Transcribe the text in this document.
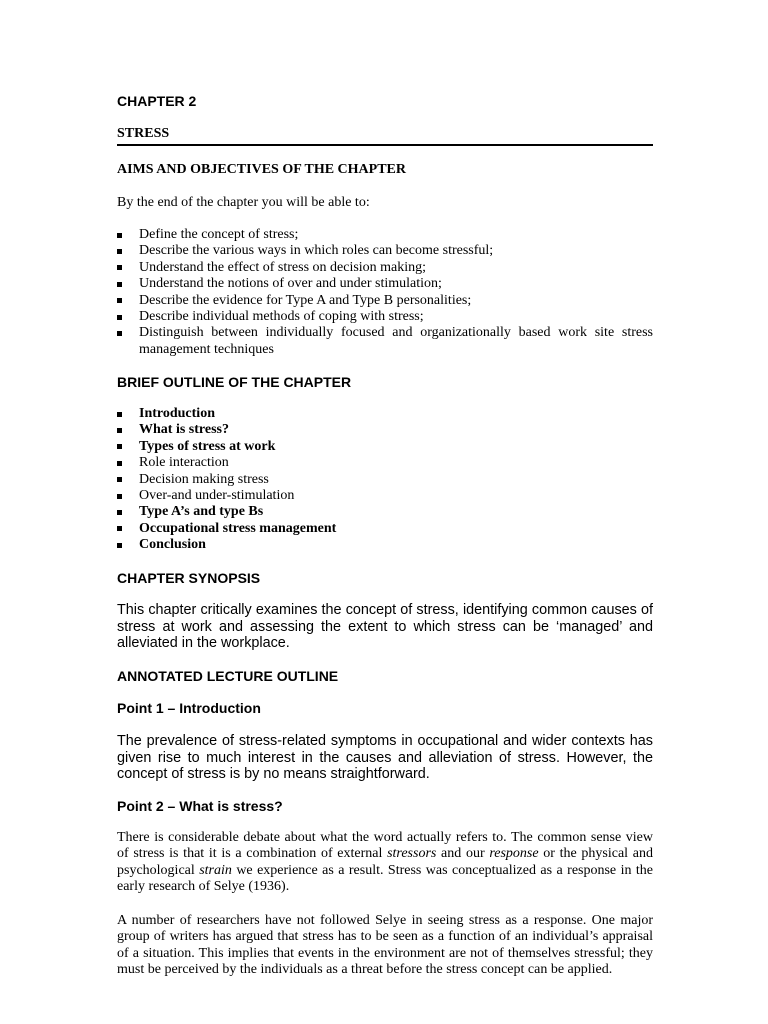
CHAPTER 2
STRESS
AIMS AND OBJECTIVES OF THE CHAPTER

By the end of the chapter you will be able to:

Define the concept of stress;
Describe the various ways in which roles can become stressful;
Understand the effect of stress on decision making;
Understand the notions of over and under stimulation;
Describe the evidence for Type A and Type B personalities;
Describe individual methods of coping with stress;
Distinguish between individually focused and organizationally based work site stress management techniques
BRIEF OUTLINE OF THE CHAPTER
Introduction
What is stress?
Types of stress at work
Role interaction
Decision making stress
Over-and under-stimulation
Type A’s and type Bs
Occupational stress management
Conclusion
CHAPTER SYNOPSIS

This chapter critically examines the concept of stress, identifying common causes of stress at work and assessing the extent to which stress can be ‘managed’ and alleviated in the workplace.

ANNOTATED LECTURE OUTLINE
Point 1 – Introduction

The prevalence of stress-related symptoms in occupational and wider contexts has given rise to much interest in the causes and alleviation of stress. However, the concept of stress is by no means straightforward.

Point 2 – What is stress?

There is considerable debate about what the word actually refers to. The common sense view of stress is that it is a combination of external stressors and our response or the physical and psychological strain we experience as a result. Stress was conceptualized as a response in the early research of Selye (1936).

A number of researchers have not followed Selye in seeing stress as a response. One major group of writers has argued that stress has to be seen as a function of an individual’s appraisal of a situation. This implies that events in the environment are not of themselves stressful; they must be perceived by the individuals as a threat before the stress concept can be applied.
